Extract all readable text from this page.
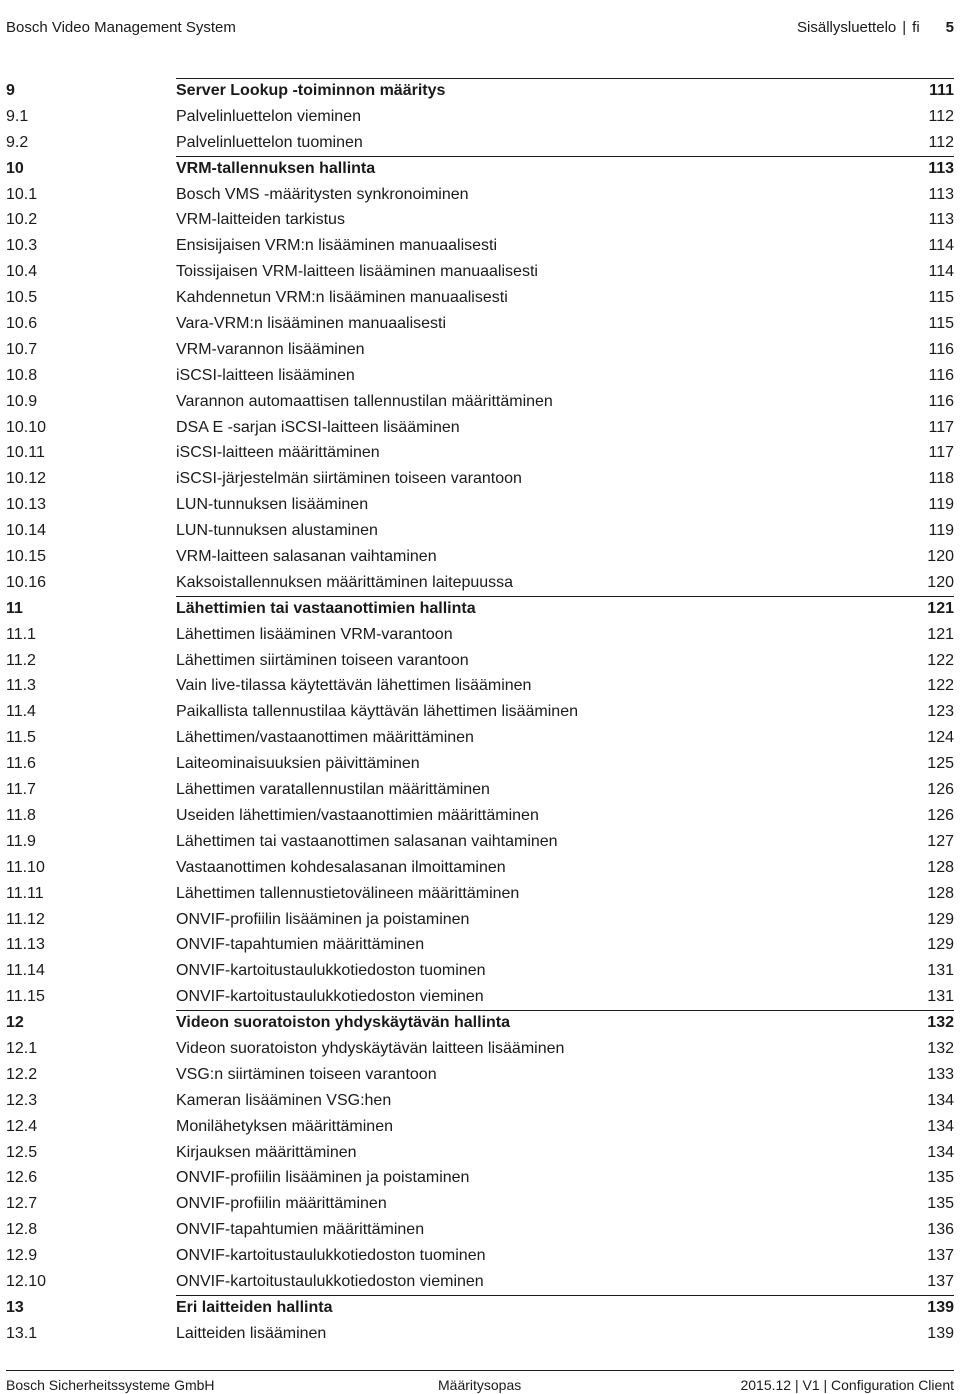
Bosch Video Management System	Sisällysluettelo | fi 5
9	Server Lookup -toiminnon määritys	111
9.1	Palvelinluettelon vieminen	112
9.2	Palvelinluettelon tuominen	112
10	VRM-tallennuksen hallinta	113
10.1	Bosch VMS -määritysten synkronoiminen	113
10.2	VRM-laitteiden tarkistus	113
10.3	Ensisijaisen VRM:n lisääminen manuaalisesti	114
10.4	Toissijaisen VRM-laitteen lisääminen manuaalisesti	114
10.5	Kahdennetun VRM:n lisääminen manuaalisesti	115
10.6	Vara-VRM:n lisääminen manuaalisesti	115
10.7	VRM-varannon lisääminen	116
10.8	iSCSI-laitteen lisääminen	116
10.9	Varannon automaattisen tallennustilan määrittäminen	116
10.10	DSA E -sarjan iSCSI-laitteen lisääminen	117
10.11	iSCSI-laitteen määrittäminen	117
10.12	iSCSI-järjestelmän siirtäminen toiseen varantoon	118
10.13	LUN-tunnuksen lisääminen	119
10.14	LUN-tunnuksen alustaminen	119
10.15	VRM-laitteen salasanan vaihtaminen	120
10.16	Kaksoistallennuksen määrittäminen laitepuussa	120
11	Lähettimien tai vastaanottimien hallinta	121
11.1	Lähettimen lisääminen VRM-varantoon	121
11.2	Lähettimen siirtäminen toiseen varantoon	122
11.3	Vain live-tilassa käytettävän lähettimen lisääminen	122
11.4	Paikallista tallennustilaa käyttävän lähettimen lisääminen	123
11.5	Lähettimen/vastaanottimen määrittäminen	124
11.6	Laiteominaisuuksien päivittäminen	125
11.7	Lähettimen varatallennustilan määrittäminen	126
11.8	Useiden lähettimien/vastaanottimien määrittäminen	126
11.9	Lähettimen tai vastaanottimen salasanan vaihtaminen	127
11.10	Vastaanottimen kohdesalasanan ilmoittaminen	128
11.11	Lähettimen tallennustietovälineen määrittäminen	128
11.12	ONVIF-profiilin lisääminen ja poistaminen	129
11.13	ONVIF-tapahtumien määrittäminen	129
11.14	ONVIF-kartoitustaulukkotiedoston tuominen	131
11.15	ONVIF-kartoitustaulukkotiedoston vieminen	131
12	Videon suoratoiston yhdyskäytävän hallinta	132
12.1	Videon suoratoiston yhdyskäytävän laitteen lisääminen	132
12.2	VSG:n siirtäminen toiseen varantoon	133
12.3	Kameran lisääminen VSG:hen	134
12.4	Monilähetyksen määrittäminen	134
12.5	Kirjauksen määrittäminen	134
12.6	ONVIF-profiilin lisääminen ja poistaminen	135
12.7	ONVIF-profiilin määrittäminen	135
12.8	ONVIF-tapahtumien määrittäminen	136
12.9	ONVIF-kartoitustaulukkotiedoston tuominen	137
12.10	ONVIF-kartoitustaulukkotiedoston vieminen	137
13	Eri laitteiden hallinta	139
13.1	Laitteiden lisääminen	139
Bosch Sicherheitssysteme GmbH	Määritysopas	2015.12 | V1 | Configuration Client
